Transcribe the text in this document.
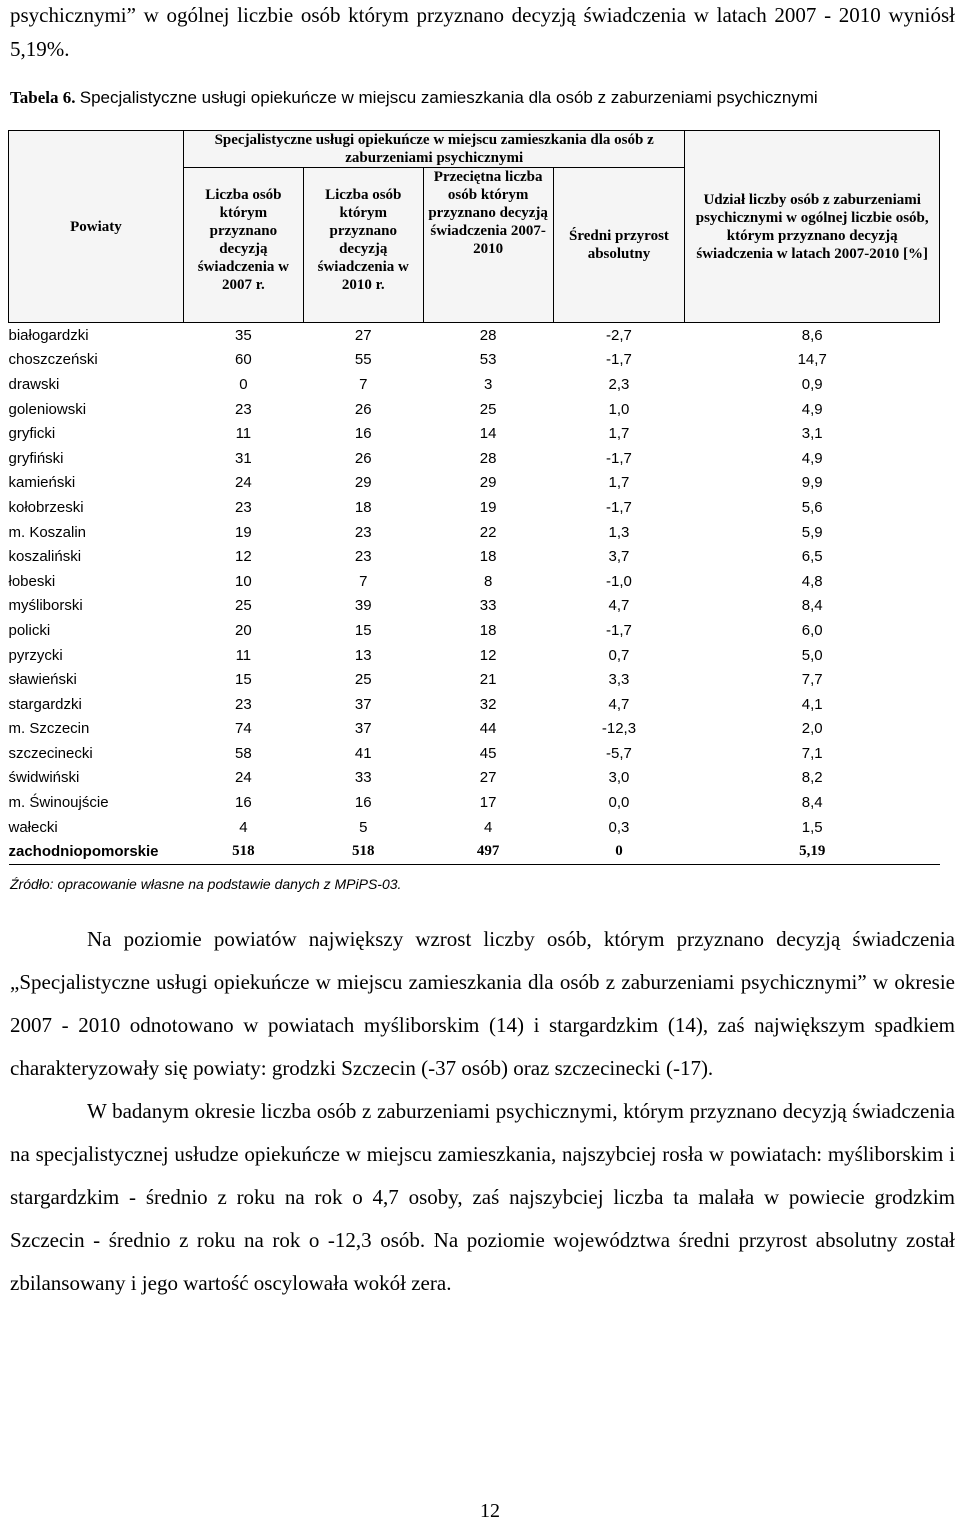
psychicznymi” w ogólnej liczbie osób którym przyznano decyzją świadczenia w latach 2007 - 2010 wyniósł 5,19%.
Tabela 6. Specjalistyczne usługi opiekuńcze w miejscu zamieszkania dla osób z zaburzeniami psychicznymi
Powiaty	Specjalistyczne usługi opiekuńcze w miejscu zamieszkania dla osób z zaburzeniami psychicznymi				Udział liczby osób z zaburzeniami psychicznymi w ogólnej liczbie osób, którym przyznano decyzją świadczenia w latach 2007-2010 [%]
	Liczba osób którym przyznano decyzją świadczenia w 2007 r.	Liczba osób którym przyznano decyzją świadczenia w 2010 r.	Przeciętna liczba osób którym przyznano decyzją świadczenia 2007-2010	Średni przyrost absolutny	
białogardzki	35	27	28	-2,7	8,6
choszczeński	60	55	53	-1,7	14,7
drawski	0	7	3	2,3	0,9
goleniowski	23	26	25	1,0	4,9
gryficki	11	16	14	1,7	3,1
gryfiński	31	26	28	-1,7	4,9
kamieński	24	29	29	1,7	9,9
kołobrzeski	23	18	19	-1,7	5,6
m. Koszalin	19	23	22	1,3	5,9
koszaliński	12	23	18	3,7	6,5
łobeski	10	7	8	-1,0	4,8
myśliborski	25	39	33	4,7	8,4
policki	20	15	18	-1,7	6,0
pyrzycki	11	13	12	0,7	5,0
sławieński	15	25	21	3,3	7,7
stargardzki	23	37	32	4,7	4,1
m. Szczecin	74	37	44	-12,3	2,0
szczecinecki	58	41	45	-5,7	7,1
świdwiński	24	33	27	3,0	8,2
m. Świnoujście	16	16	17	0,0	8,4
wałecki	4	5	4	0,3	1,5
zachodniopomorskie	518	518	497	0	5,19
Źródło: opracowanie własne na podstawie danych z MPiPS-03.

Na poziomie powiatów największy wzrost liczby osób, którym przyznano decyzją świadczenia „Specjalistyczne usługi opiekuńcze w miejscu zamieszkania dla osób z zaburzeniami psychicznymi” w okresie 2007 - 2010 odnotowano w powiatach myśliborskim (14) i stargardzkim (14), zaś największym spadkiem charakteryzowały się powiaty: grodzki Szczecin (-37 osób) oraz szczecinecki (-17).

W badanym okresie liczba osób z zaburzeniami psychicznymi, którym przyznano decyzją świadczenia na specjalistycznej usłudze opiekuńcze w miejscu zamieszkania, najszybciej rosła w powiatach: myśliborskim i stargardzkim - średnio z roku na rok o 4,7 osoby, zaś najszybciej liczba ta malała w powiecie grodzkim Szczecin - średnio z roku na rok o -12,3 osób. Na poziomie województwa średni przyrost absolutny został zbilansowany i jego wartość oscylowała wokół zera.

12
